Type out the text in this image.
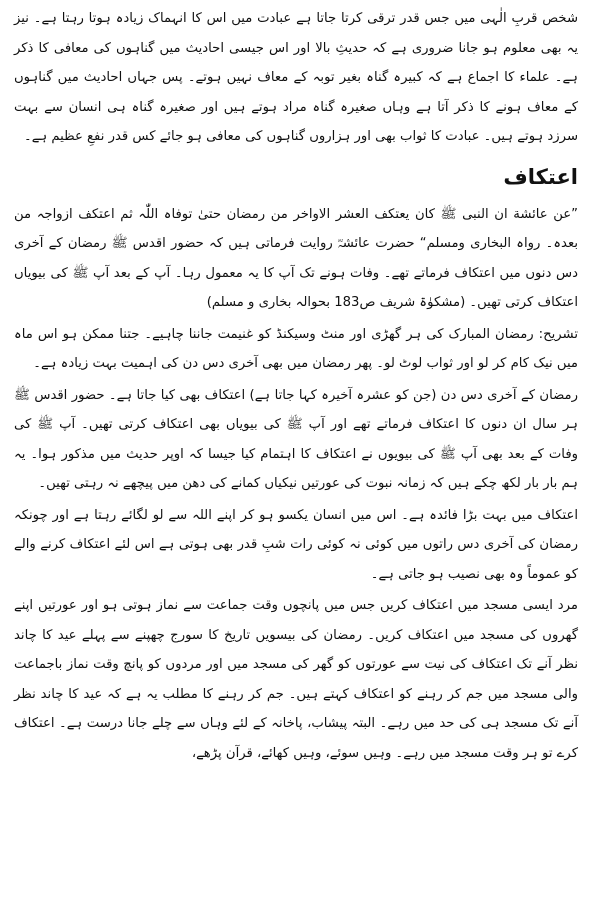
شخص قربِ الٰہی میں جس قدر ترقی کرتا جاتا ہے عبادت میں اس کا انہماک زیادہ ہوتا رہتا ہے۔ نیز یہ بھی معلوم ہو جانا ضروری ہے کہ حدیثِ بالا اور اس جیسی احادیث میں گناہوں کی معافی کا ذکر ہے۔ علماء کا اجماع ہے کہ کبیرہ گناہ بغیر توبہ کے معاف نہیں ہوتے۔ پس جہاں احادیث میں گناہوں کے معاف ہونے کا ذکر آتا ہے وہاں صغیرہ گناہ مراد ہوتے ہیں اور صغیرہ گناہ ہی انسان سے بہت سرزد ہوتے ہیں۔ عبادت کا ثواب بھی اور ہزاروں گناہوں کی معافی ہو جائے کس قدر نفعِ عظیم ہے۔

اعتکاف

”عن عائشة ان النبی ﷺ کان یعتکف العشر الاواخر من رمضان حتیٰ توفاہ اللّٰہ ثم اعتکف ازواجہ من بعدہ۔ رواہ البخاری ومسلم“ حضرت عائشہؓ روایت فرماتی ہیں کہ حضور اقدس ﷺ رمضان کے آخری دس دنوں میں اعتکاف فرماتے تھے۔ وفات ہونے تک آپ کا یہ معمول رہا۔ آپ کے بعد آپ ﷺ کی بیویاں اعتکاف کرتی تھیں۔ (مشکوٰۃ شریف ص183 بحوالہ بخاری و مسلم)

تشریح: رمضان المبارک کی ہر گھڑی اور منٹ وسیکنڈ کو غنیمت جاننا چاہیے۔ جتنا ممکن ہو اس ماہ میں نیک کام کر لو اور ثواب لوٹ لو۔ پھر رمضان میں بھی آخری دس دن کی اہمیت بہت زیادہ ہے۔

رمضان کے آخری دس دن (جن کو عشرہ آخیرہ کہا جاتا ہے) اعتکاف بھی کیا جاتا ہے۔ حضور اقدس ﷺ ہر سال ان دنوں کا اعتکاف فرماتے تھے اور آپ ﷺ کی بیویاں بھی اعتکاف کرتی تھیں۔ آپ ﷺ کی وفات کے بعد بھی آپ ﷺ کی بیویوں نے اعتکاف کا اہتمام کیا جیسا کہ اوپر حدیث میں مذکور ہوا۔ یہ ہم بار بار لکھ چکے ہیں کہ زمانہ نبوت کی عورتیں نیکیاں کمانے کی دھن میں پیچھے نہ رہتی تھیں۔

اعتکاف میں بہت بڑا فائدہ ہے۔ اس میں انسان یکسو ہو کر اپنے اللہ سے لو لگائے رہتا ہے اور چونکہ رمضان کی آخری دس راتوں میں کوئی نہ کوئی رات شبِ قدر بھی ہوتی ہے اس لئے اعتکاف کرنے والے کو عموماً وہ بھی نصیب ہو جاتی ہے۔

مرد ایسی مسجد میں اعتکاف کریں جس میں پانچوں وقت جماعت سے نماز ہوتی ہو اور عورتیں اپنے گھروں کی مسجد میں اعتکاف کریں۔ رمضان کی بیسویں تاریخ کا سورج چھپنے سے پہلے عید کا چاند نظر آنے تک اعتکاف کی نیت سے عورتوں کو گھر کی مسجد میں اور مردوں کو پانچ وقت نماز باجماعت والی مسجد میں جم کر رہنے کو اعتکاف کہتے ہیں۔ جم کر رہنے کا مطلب یہ ہے کہ عید کا چاند نظر آنے تک مسجد ہی کی حد میں رہے۔ البتہ پیشاب، پاخانہ کے لئے وہاں سے چلے جانا درست ہے۔ اعتکاف کرے تو ہر وقت مسجد میں رہے۔ وہیں سوئے، وہیں کھائے، قرآن پڑھے،
